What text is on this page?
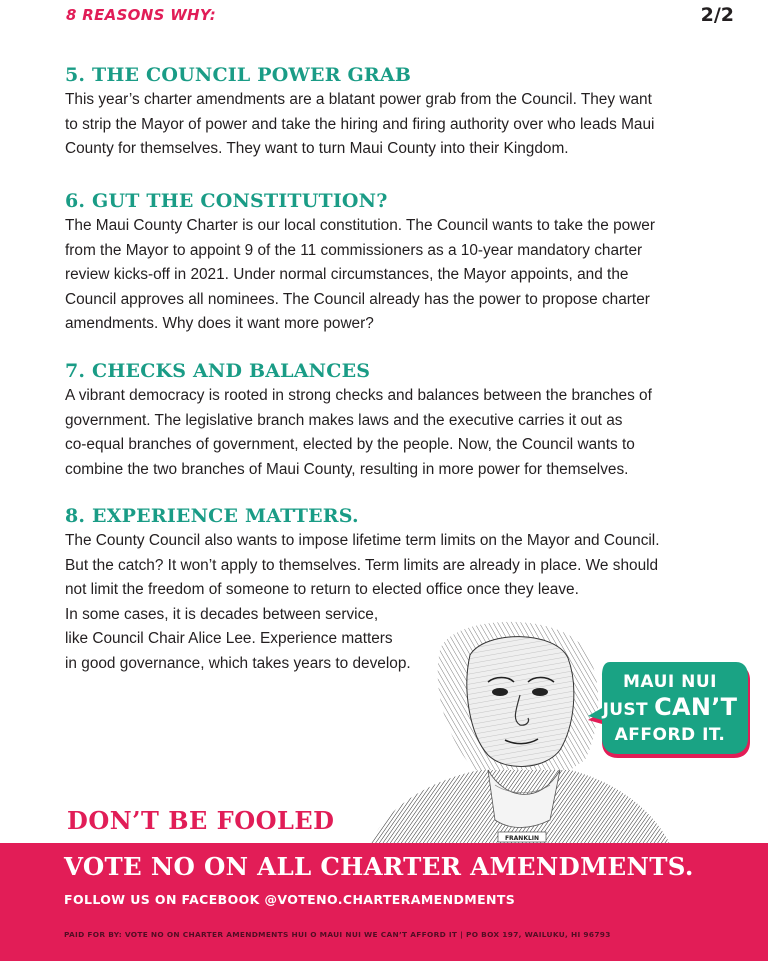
8 REASONS WHY:	2/2
5. THE COUNCIL POWER GRAB

This year’s charter amendments are a blatant power grab from the Council. They want
to strip the Mayor of power and take the hiring and firing authority over who leads Maui
County for themselves. They want to turn Maui County into their Kingdom.

6. GUT THE CONSTITUTION?

The Maui County Charter is our local constitution. The Council wants to take the power
from the Mayor to appoint 9 of the 11 commissioners as a 10-year mandatory charter
review kicks-off in 2021. Under normal circumstances, the Mayor appoints, and the
Council approves all nominees. The Council already has the power to propose charter
amendments. Why does it want more power?

7. CHECKS AND BALANCES

A vibrant democracy is rooted in strong checks and balances between the branches of
government. The legislative branch makes laws and the executive carries it out as
co-equal branches of government, elected by the people. Now, the Council wants to
combine the two branches of Maui County, resulting in more power for themselves.

8. EXPERIENCE MATTERS.

The County Council also wants to impose lifetime term limits on the Mayor and Council.
But the catch? It won’t apply to themselves. Term limits are already in place. We should
not limit the freedom of someone to return to elected office once they leave.
In some cases, it is decades between service,
like Council Chair Alice Lee. Experience matters
in good governance, which takes years to develop.

FRANKLIN
MAUI NUI
JUST CAN’T
AFFORD IT.
DON’T BE FOOLED
VOTE NO ON ALL CHARTER AMENDMENTS.
FOLLOW US ON FACEBOOK @VOTENO.CHARTERAMENDMENTS
PAID FOR BY: VOTE NO ON CHARTER AMENDMENTS HUI O MAUI NUI WE CAN’T AFFORD IT | PO BOX 197, WAILUKU, HI 96793
